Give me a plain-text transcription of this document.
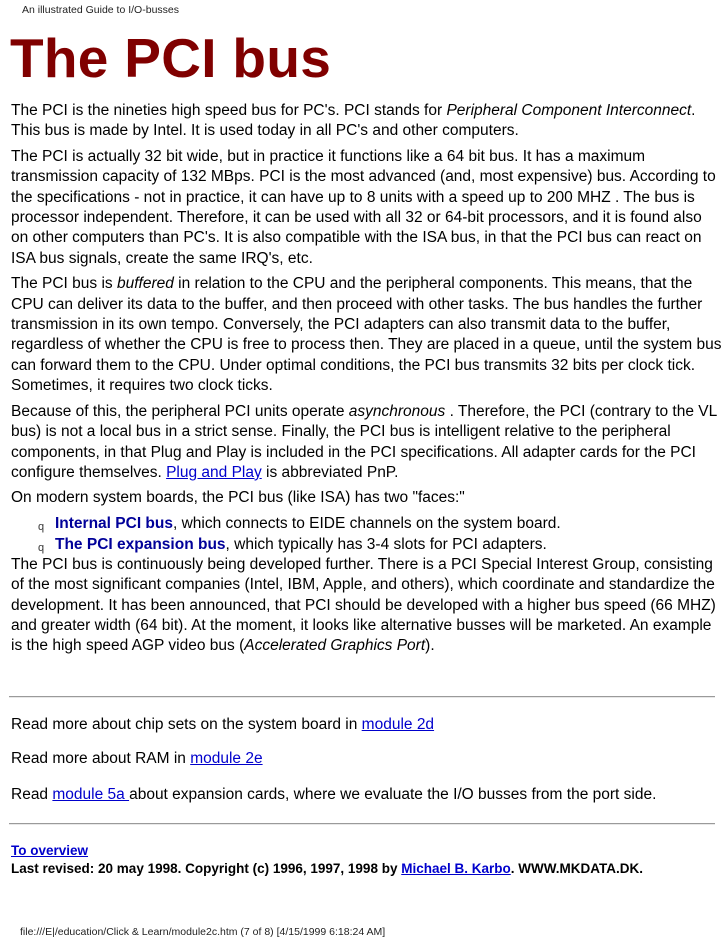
An illustrated Guide to I/O-busses
The PCI bus

The PCI is the nineties high speed bus for PC's. PCI stands for Peripheral Component Interconnect. This bus is made by Intel. It is used today in all PC's and other computers.

The PCI is actually 32 bit wide, but in practice it functions like a 64 bit bus. It has a maximum transmission capacity of 132 MBps. PCI is the most advanced (and, most expensive) bus. According to the specifications - not in practice, it can have up to 8 units with a speed up to 200 MHZ . The bus is processor independent. Therefore, it can be used with all 32 or 64-bit processors, and it is found also on other computers than PC's. It is also compatible with the ISA bus, in that the PCI bus can react on ISA bus signals, create the same IRQ's, etc.

The PCI bus is buffered in relation to the CPU and the peripheral components. This means, that the CPU can deliver its data to the buffer, and then proceed with other tasks. The bus handles the further transmission in its own tempo. Conversely, the PCI adapters can also transmit data to the buffer, regardless of whether the CPU is free to process then. They are placed in a queue, until the system bus can forward them to the CPU. Under optimal conditions, the PCI bus transmits 32 bits per clock tick. Sometimes, it requires two clock ticks.

Because of this, the peripheral PCI units operate asynchronous . Therefore, the PCI (contrary to the VL bus) is not a local bus in a strict sense. Finally, the PCI bus is intelligent relative to the peripheral components, in that Plug and Play is included in the PCI specifications. All adapter cards for the PCI configure themselves. Plug and Play is abbreviated PnP.

On modern system boards, the PCI bus (like ISA) has two "faces:"

q Internal PCI bus, which connects to EIDE channels on the system board.
q The PCI expansion bus, which typically has 3-4 slots for PCI adapters.

The PCI bus is continuously being developed further. There is a PCI Special Interest Group, consisting of the most significant companies (Intel, IBM, Apple, and others), which coordinate and standardize the development. It has been announced, that PCI should be developed with a higher bus speed (66 MHZ) and greater width (64 bit). At the moment, it looks like alternative busses will be marketed. An example is the high speed AGP video bus (Accelerated Graphics Port).

Read more about chip sets on the system board in module 2d

Read more about RAM in module 2e

Read module 5a about expansion cards, where we evaluate the I/O busses from the port side.

To overview
Last revised: 20 may 1998. Copyright (c) 1996, 1997, 1998 by Michael B. Karbo. WWW.MKDATA.DK.
file:///E|/education/Click & Learn/module2c.htm (7 of 8) [4/15/1999 6:18:24 AM]
